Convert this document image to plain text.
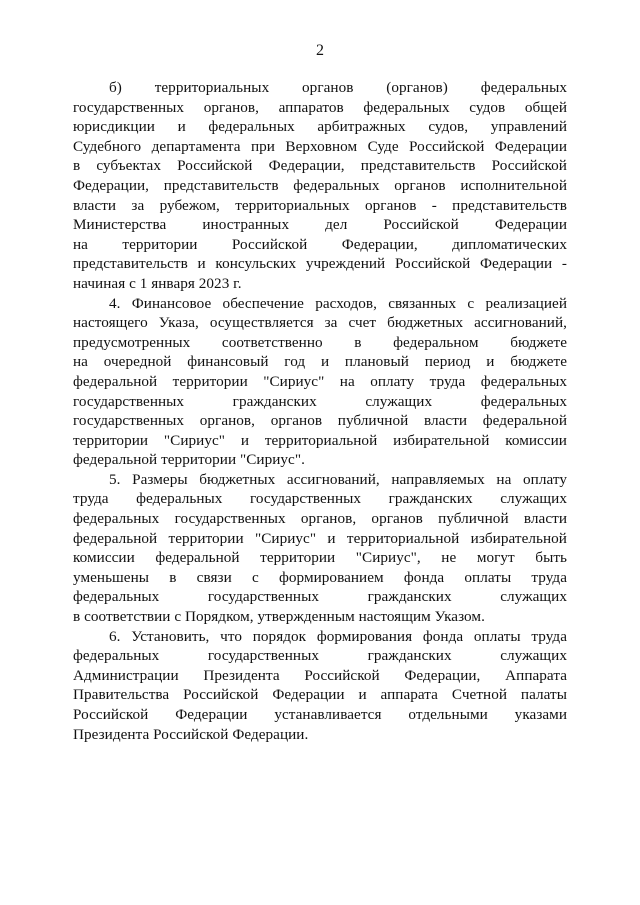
2

б) территориальных органов (органов) федеральных
государственных органов, аппаратов федеральных судов общей
юрисдикции и федеральных арбитражных судов, управлений
Судебного департамента при Верховном Суде Российской Федерации
в субъектах Российской Федерации, представительств Российской
Федерации, представительств федеральных органов исполнительной
власти за рубежом, территориальных органов - представительств
Министерства иностранных дел Российской Федерации
на территории Российской Федерации, дипломатических
представительств и консульских учреждений Российской Федерации -
начиная с 1 января 2023 г.

4. Финансовое обеспечение расходов, связанных с реализацией
настоящего Указа, осуществляется за счет бюджетных ассигнований,
предусмотренных соответственно в федеральном бюджете
на очередной финансовый год и плановый период и бюджете
федеральной территории "Сириус" на оплату труда федеральных
государственных гражданских служащих федеральных
государственных органов, органов публичной власти федеральной
территории "Сириус" и территориальной избирательной комиссии
федеральной территории "Сириус".

5. Размеры бюджетных ассигнований, направляемых на оплату
труда федеральных государственных гражданских служащих
федеральных государственных органов, органов публичной власти
федеральной территории "Сириус" и территориальной избирательной
комиссии федеральной территории "Сириус", не могут быть
уменьшены в связи с формированием фонда оплаты труда
федеральных государственных гражданских служащих
в соответствии с Порядком, утвержденным настоящим Указом.

6. Установить, что порядок формирования фонда оплаты труда
федеральных государственных гражданских служащих
Администрации Президента Российской Федерации, Аппарата
Правительства Российской Федерации и аппарата Счетной палаты
Российской Федерации устанавливается отдельными указами
Президента Российской Федерации.
